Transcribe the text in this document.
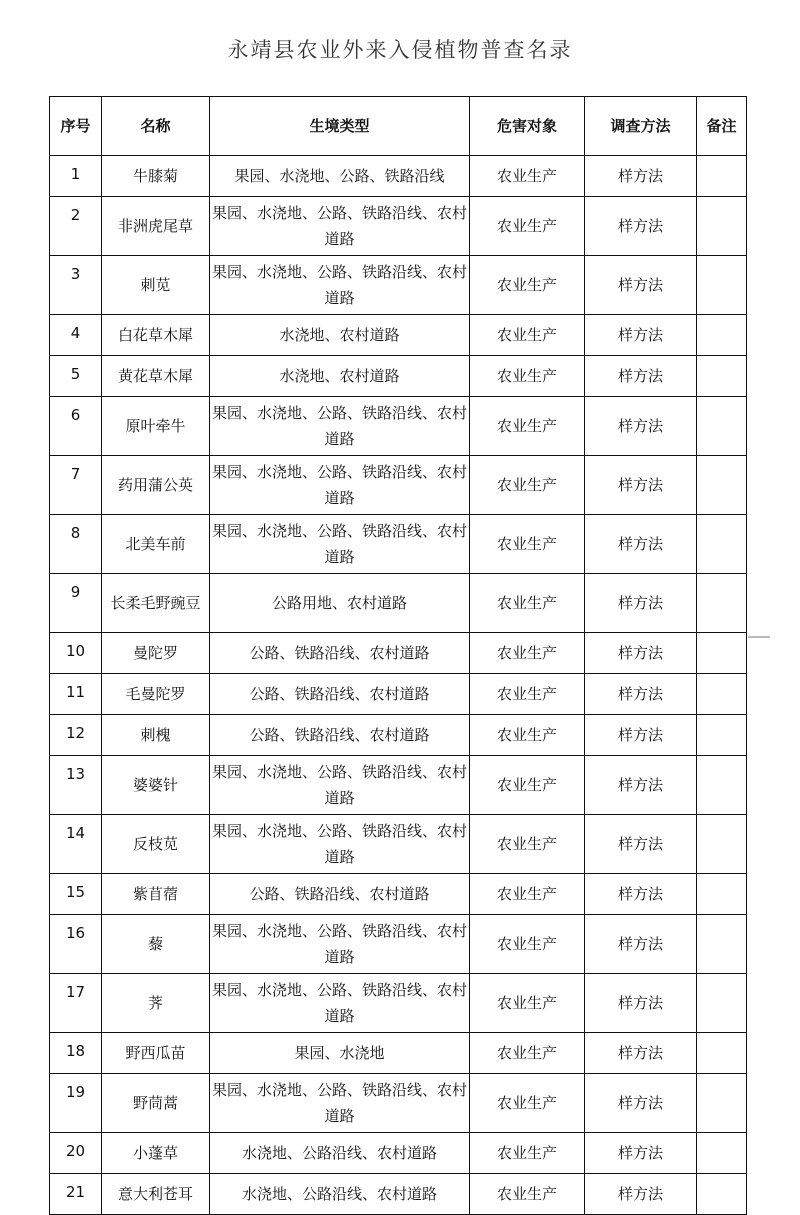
永靖县农业外来入侵植物普查名录
序号	名称	生境类型	危害对象	调查方法	备注
1	牛膝菊	果园、水浇地、公路、铁路沿线	农业生产	样方法	
2	非洲虎尾草	果园、水浇地、公路、铁路沿线、农村道路	农业生产	样方法	
3	刺苋	果园、水浇地、公路、铁路沿线、农村道路	农业生产	样方法	
4	白花草木犀	水浇地、农村道路	农业生产	样方法	
5	黄花草木犀	水浇地、农村道路	农业生产	样方法	
6	原叶牵牛	果园、水浇地、公路、铁路沿线、农村道路	农业生产	样方法	
7	药用蒲公英	果园、水浇地、公路、铁路沿线、农村道路	农业生产	样方法	
8	北美车前	果园、水浇地、公路、铁路沿线、农村道路	农业生产	样方法	
9	长柔毛野豌豆	公路用地、农村道路	农业生产	样方法	
10	曼陀罗	公路、铁路沿线、农村道路	农业生产	样方法	
11	毛曼陀罗	公路、铁路沿线、农村道路	农业生产	样方法	
12	刺槐	公路、铁路沿线、农村道路	农业生产	样方法	
13	婆婆针	果园、水浇地、公路、铁路沿线、农村道路	农业生产	样方法	
14	反枝苋	果园、水浇地、公路、铁路沿线、农村道路	农业生产	样方法	
15	紫苜蓿	公路、铁路沿线、农村道路	农业生产	样方法	
16	藜	果园、水浇地、公路、铁路沿线、农村道路	农业生产	样方法	
17	荠	果园、水浇地、公路、铁路沿线、农村道路	农业生产	样方法	
18	野西瓜苗	果园、水浇地	农业生产	样方法	
19	野茼蒿	果园、水浇地、公路、铁路沿线、农村道路	农业生产	样方法	
20	小蓬草	水浇地、公路沿线、农村道路	农业生产	样方法	
21	意大利苍耳	水浇地、公路沿线、农村道路	农业生产	样方法	
